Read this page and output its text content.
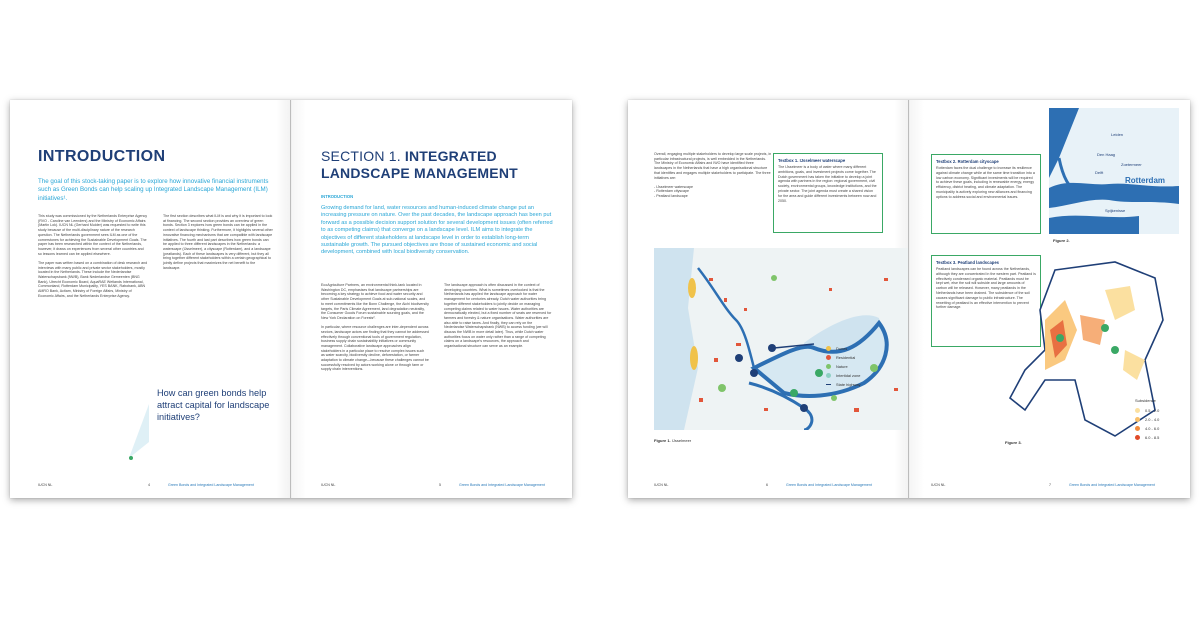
INTRODUCTION
The goal of this stock-taking paper is to explore how innovative financial instruments such as Green Bonds can help scaling up Integrated Landscape Management (ILM) initiatives¹.

This study was commissioned by the Netherlands Enterprise Agency (RVO - Caroline van Leenders) and the Ministry of Economic Affairs (Martin Lok). IUCN NL (Gerhard Mulder) was requested to write this study because of the multi-disciplinary nature of the research question. The Netherlands government sees ILM as one of the cornerstones for achieving the Sustainable Development Goals. The paper has been researched within the context of the Netherlands, however, it draws on experiences from several other countries and so lessons learned can be applied elsewhere.

The paper was written based on a combination of desk research and interviews with many public and private sector stakeholders, mostly located in the Netherlands. These include the Nederlandse Waterschapsbank (NWB), Bank Nederlandse Gemeenten (BNG Bank), Utrecht Economic Board, AquaRAE Wetlands International, Commonland, Rotterdam Municipality, YES BANK, Rabobank, ABN AMRO Bank, Actiam, Ministry of Foreign Affairs, Ministry of Economic Affairs, and the Netherlands Enterprise Agency.

The first section describes what ILM is and why it is important to look at financing. The second section provides an overview of green bonds. Section 3 explores how green bonds can be applied in the context of landscape thinking. Furthermore, it highlights several other innovative financing mechanisms that are compatible with landscape initiatives. The fourth and last part describes how green bonds can be applied to three different landscapes in the Netherlands: a waterscape (IJsselmeer), a cityscape (Rotterdam), and a landscape (peatlands). Each of these landscapes is very different, but they all bring together different stakeholders within a certain geographical to jointly define projects that maximizes the net benefit to the landscape.

How can green bonds help attract capital for landscape initiatives?
IUCN NL	4	Green Bonds and Integrated Landscape Management
SECTION 1. INTEGRATED LANDSCAPE MANAGEMENT
INTRODUCTION
Growing demand for land, water resources and human-induced climate change put an increasing pressure on nature. Over the past decades, the landscape approach has been put forward as a possible decision support solution for several development issues (often referred to as competing claims) that converge on a landscape level. ILM aims to integrate the objectives of different stakeholders at landscape level in order to establish long-term sustainable growth. The pursued objectives are those of sustained economic and social development, combined with local biodiversity conservation.

EcoAgriculture Partners, an environmental think-tank located in Washington DC, emphasises that landscape partnerships are becoming a key strategy to achieve food and water security and other Sustainable Development Goals at sub-national scales, and to meet commitments like the Bonn Challenge, the Aichi biodiversity targets, the Paris Climate Agreement, land degradation neutrality, the Consumer Goods Forum sustainable sourcing goals, and the New York Declaration on Forests².

In particular, where resource challenges are inter-dependent across sectors, landscape actors are finding that they cannot be addressed effectively through conventional tools of government regulation, business supply chain sustainability initiatives or community management. Collaborative landscape approaches align stakeholders in a particular place to resolve complex issues such as water scarcity, biodiversity decline, deforestation, or farmer adaptation to climate change—because these challenges cannot be successfully resolved by actors working alone or through farm or supply chain interventions.

The landscape approach is often discussed in the context of developing countries. What is sometimes overlooked is that the Netherlands has applied the landscape approach for water management for centuries already. Dutch water authorities bring together different stakeholders to jointly decide on managing competing claims related to water issues. Water authorities are democratically elected, but a fixed number of seats are reserved for farmers and forestry & nature organisations. Water authorities are also able to raise taxes. And finally, they can rely on the Nederlandse Waterschapsbank (NWB) to access funding (we will discuss the NWB in more detail later). Thus, while Dutch water authorities focus on water only rather than a range of competing claims on a landscape's resources, the approach and organisational structure can serve as an example.

IUCN NL	5	Green Bonds and Integrated Landscape Management

Overall, engaging multiple stakeholders to develop large scale projects, in particular infrastructural projects, is well embedded in the Netherlands. The Ministry of Economic Affairs and IWO have identified three landscapes in the Netherlands that have a high organisational structure that identifies and engages multiple stakeholders to participate. The three initiatives are:

- IJsselmeer waterscape

- Rotterdam cityscape

- Peatland landscape

Textbox 1. IJsselmeer waterscape
The IJsselmeer is a body of water where many different ambitions, goals, and investment projects come together. The Dutch government has taken the initiative to develop a joint agenda with partners in the region: regional government, civil society, environmental groups, knowledge institutions, and the private sector. The joint agenda must create a shared vision for the area and guide different investments between now and 2050.
Dunes
Residential
Nature
Intertidal zone
State highway
Figure 1. IJsselmeer
IUCN NL	6	Green Bonds and Integrated Landscape Management
Textbox 2. Rotterdam cityscape
Rotterdam faces the dual challenge to increase its resilience against climate change while at the same time transition into a low carbon economy. Significant investments will be required to achieve these goals, including in renewable energy, energy efficiency, district heating, and climate adaptation. The municipality is actively exploring new alliances and financing options to address social and environmental issues.
Leiden
Den Haag
Zoetermeer
Delft
Rotterdam
Spijkenisse
Figure 2.
Textbox 3. Peatland landscapes
Peatland landscapes can be found across the Netherlands, although they are concentrated in the western part. Peatland is effectively condensed organic material. Peatlands must be kept wet, else the soil will subside and large amounts of carbon will be released. However, many peatlands in the Netherlands have been drained. The subsidence of the soil causes significant damage to public infrastructure. The rewetting of peatland is an effective intervention to prevent further damage.
Figure 3.
Subsidence
0.5 - 2.0
2.0 - 4.0
4.0 - 6.0
6.0 - 8.5
IUCN NL	7	Green Bonds and Integrated Landscape Management
